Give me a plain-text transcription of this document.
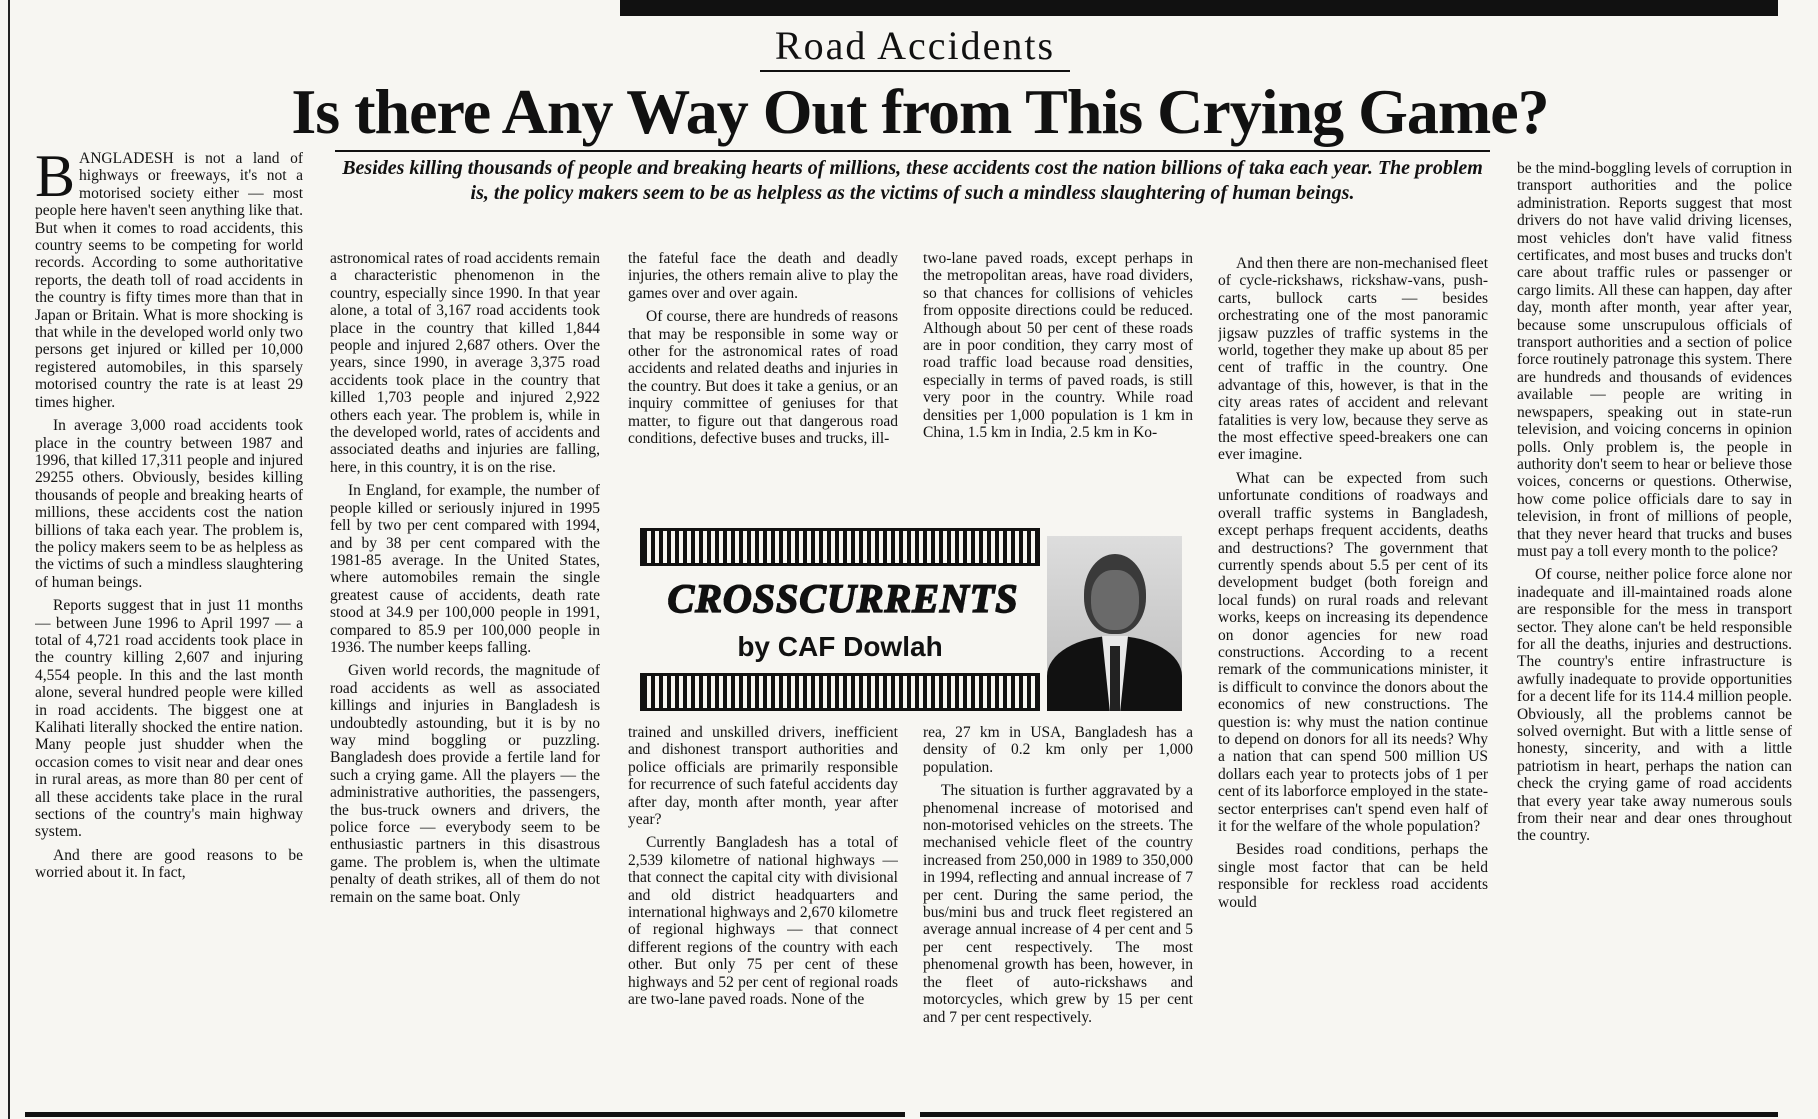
Road Accidents
Is there Any Way Out from This Crying Game?
Besides killing thousands of people and breaking hearts of millions, these accidents cost the nation billions of taka each year. The problem is, the policy makers seem to be as helpless as the victims of such a mindless slaughtering of human beings.

BANGLADESH is not a land of highways or freeways, it's not a motorised society either — most people here haven't seen anything like that. But when it comes to road accidents, this country seems to be competing for world records. According to some authoritative reports, the death toll of road accidents in the country is fifty times more than that in Japan or Britain. What is more shocking is that while in the developed world only two persons get injured or killed per 10,000 registered automobiles, in this sparsely motorised country the rate is at least 29 times higher.

In average 3,000 road accidents took place in the country between 1987 and 1996, that killed 17,311 people and injured 29255 others. Obviously, besides killing thousands of people and breaking hearts of millions, these accidents cost the nation billions of taka each year. The problem is, the policy makers seem to be as helpless as the victims of such a mindless slaughtering of human beings.

Reports suggest that in just 11 months — between June 1996 to April 1997 — a total of 4,721 road accidents took place in the country killing 2,607 and injuring 4,554 people. In this and the last month alone, several hundred people were killed in road accidents. The biggest one at Kalihati literally shocked the entire nation. Many people just shudder when the occasion comes to visit near and dear ones in rural areas, as more than 80 per cent of all these accidents take place in the rural sections of the country's main highway system.

And there are good reasons to be worried about it. In fact,

astronomical rates of road accidents remain a characteristic phenomenon in the country, especially since 1990. In that year alone, a total of 3,167 road accidents took place in the country that killed 1,844 people and injured 2,687 others. Over the years, since 1990, in average 3,375 road accidents took place in the country that killed 1,703 people and injured 2,922 others each year. The problem is, while in the developed world, rates of accidents and associated deaths and injuries are falling, here, in this country, it is on the rise.

In England, for example, the number of people killed or seriously injured in 1995 fell by two per cent compared with 1994, and by 38 per cent compared with the 1981-85 average. In the United States, where automobiles remain the single greatest cause of accidents, death rate stood at 34.9 per 100,000 people in 1991, compared to 85.9 per 100,000 people in 1936. The number keeps falling.

Given world records, the magnitude of road accidents as well as associated killings and injuries in Bangladesh is undoubtedly astounding, but it is by no way mind boggling or puzzling. Bangladesh does provide a fertile land for such a crying game. All the players — the administrative authorities, the passengers, the bus-truck owners and drivers, the police force — everybody seem to be enthusiastic partners in this disastrous game. The problem is, when the ultimate penalty of death strikes, all of them do not remain on the same boat. Only

the fateful face the death and deadly injuries, the others remain alive to play the games over and over again.

Of course, there are hundreds of reasons that may be responsible in some way or other for the astronomical rates of road accidents and related deaths and injuries in the country. But does it take a genius, or an inquiry committee of geniuses for that matter, to figure out that dangerous road conditions, defective buses and trucks, ill-

two-lane paved roads, except perhaps in the metropolitan areas, have road dividers, so that chances for collisions of vehicles from opposite directions could be reduced. Although about 50 per cent of these roads are in poor condition, they carry most of road traffic load because road densities, especially in terms of paved roads, is still very poor in the country. While road densities per 1,000 population is 1 km in China, 1.5 km in India, 2.5 km in Ko-

CROSSCURRENTS
by CAF Dowlah

trained and unskilled drivers, inefficient and dishonest transport authorities and police officials are primarily responsible for recurrence of such fateful accidents day after day, month after month, year after year?

Currently Bangladesh has a total of 2,539 kilometre of national highways — that connect the capital city with divisional and old district headquarters and international highways and 2,670 kilometre of regional highways — that connect different regions of the country with each other. But only 75 per cent of these highways and 52 per cent of regional roads are two-lane paved roads. None of the

rea, 27 km in USA, Bangladesh has a density of 0.2 km only per 1,000 population.

The situation is further aggravated by a phenomenal increase of motorised and non-motorised vehicles on the streets. The mechanised vehicle fleet of the country increased from 250,000 in 1989 to 350,000 in 1994, reflecting and annual increase of 7 per cent. During the same period, the bus/mini bus and truck fleet registered an average annual increase of 4 per cent and 5 per cent respectively. The most phenomenal growth has been, however, in the fleet of auto-rickshaws and motorcycles, which grew by 15 per cent and 7 per cent respectively.

And then there are non-mechanised fleet of cycle-rickshaws, rickshaw-vans, push-carts, bullock carts — besides orchestrating one of the most panoramic jigsaw puzzles of traffic systems in the world, together they make up about 85 per cent of traffic in the country. One advantage of this, however, is that in the city areas rates of accident and relevant fatalities is very low, because they serve as the most effective speed-breakers one can ever imagine.

What can be expected from such unfortunate conditions of roadways and overall traffic systems in Bangladesh, except perhaps frequent accidents, deaths and destructions? The government that currently spends about 5.5 per cent of its development budget (both foreign and local funds) on rural roads and relevant works, keeps on increasing its dependence on donor agencies for new road constructions. According to a recent remark of the communications minister, it is difficult to convince the donors about the economics of new constructions. The question is: why must the nation continue to depend on donors for all its needs? Why a nation that can spend 500 million US dollars each year to protects jobs of 1 per cent of its laborforce employed in the state-sector enterprises can't spend even half of it for the welfare of the whole population?

Besides road conditions, perhaps the single most factor that can be held responsible for reckless road accidents would

be the mind-boggling levels of corruption in transport authorities and the police administration. Reports suggest that most drivers do not have valid driving licenses, most vehicles don't have valid fitness certificates, and most buses and trucks don't care about traffic rules or passenger or cargo limits. All these can happen, day after day, month after month, year after year, because some unscrupulous officials of transport authorities and a section of police force routinely patronage this system. There are hundreds and thousands of evidences available — people are writing in newspapers, speaking out in state-run television, and voicing concerns in opinion polls. Only problem is, the people in authority don't seem to hear or believe those voices, concerns or questions. Otherwise, how come police officials dare to say in television, in front of millions of people, that they never heard that trucks and buses must pay a toll every month to the police?

Of course, neither police force alone nor inadequate and ill-maintained roads alone are responsible for the mess in transport sector. They alone can't be held responsible for all the deaths, injuries and destructions. The country's entire infrastructure is awfully inadequate to provide opportunities for a decent life for its 114.4 million people. Obviously, all the problems cannot be solved overnight. But with a little sense of honesty, sincerity, and with a little patriotism in heart, perhaps the nation can check the crying game of road accidents that every year take away numerous souls from their near and dear ones throughout the country.
